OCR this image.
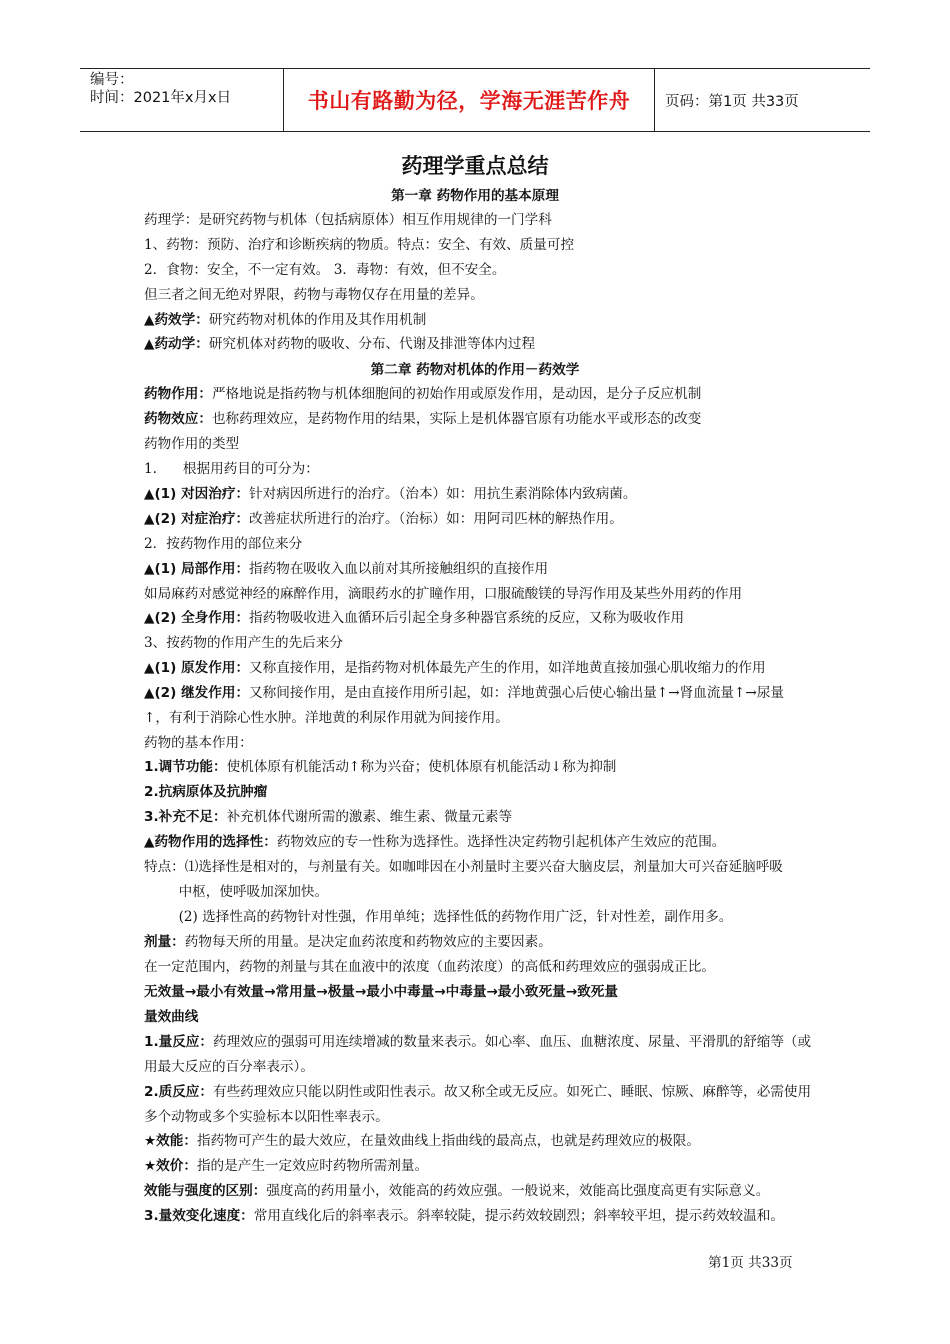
编号：
时间：2021年x月x日	书山有路勤为径，学海无涯苦作舟	页码：第1页 共33页
药理学重点总结
第一章 药物作用的基本原理
第二章 药物对机体的作用－药效学
药理学：是研究药物与机体（包括病原体）相互作用规律的一门学科
1、药物：预防、治疗和诊断疾病的物质。特点：安全、有效、质量可控
2．食物：安全，不一定有效。 3．毒物：有效，但不安全。
但三者之间无绝对界限，药物与毒物仅存在用量的差异。
▲药效学：研究药物对机体的作用及其作用机制
▲药动学：研究机体对药物的吸收、分布、代谢及排泄等体内过程
药物作用：严格地说是指药物与机体细胞间的初始作用或原发作用，是动因，是分子反应机制
药物效应：也称药理效应，是药物作用的结果，实际上是机体器官原有功能水平或形态的改变
药物作用的类型
1.      根据用药目的可分为：
▲(1) 对因治疗：针对病因所进行的治疗。（治本）如：用抗生素消除体内致病菌。
▲(2) 对症治疗：改善症状所进行的治疗。（治标）如：用阿司匹林的解热作用。
2．按药物作用的部位来分
▲(1) 局部作用：指药物在吸收入血以前对其所接触组织的直接作用
如局麻药对感觉神经的麻醉作用，滴眼药水的扩瞳作用，口服硫酸镁的导泻作用及某些外用药的作用
▲(2) 全身作用：指药物吸收进入血循环后引起全身多种器官系统的反应，又称为吸收作用
3、按药物的作用产生的先后来分
▲(1) 原发作用：又称直接作用，是指药物对机体最先产生的作用，如洋地黄直接加强心肌收缩力的作用
▲(2) 继发作用：又称间接作用，是由直接作用所引起，如：洋地黄强心后使心输出量↑→肾血流量↑→尿量
↑，有利于消除心性水肿。洋地黄的利尿作用就为间接作用。
药物的基本作用：
1.调节功能：使机体原有机能活动↑称为兴奋；使机体原有机能活动↓称为抑制
2.抗病原体及抗肿瘤
3.补充不足：补充机体代谢所需的激素、维生素、微量元素等
▲药物作用的选择性：药物效应的专一性称为选择性。选择性决定药物引起机体产生效应的范围。
特点：⑴选择性是相对的，与剂量有关。如咖啡因在小剂量时主要兴奋大脑皮层，剂量加大可兴奋延脑呼吸
中枢，使呼吸加深加快。
(2) 选择性高的药物针对性强，作用单纯；选择性低的药物作用广泛，针对性差，副作用多。
剂量：药物每天所的用量。是决定血药浓度和药物效应的主要因素。
在一定范围内，药物的剂量与其在血液中的浓度（血药浓度）的高低和药理效应的强弱成正比。
无效量→最小有效量→常用量→极量→最小中毒量→中毒量→最小致死量→致死量
量效曲线
1.量反应：药理效应的强弱可用连续增减的数量来表示。如心率、血压、血糖浓度、尿量、平滑肌的舒缩等（或
用最大反应的百分率表示）。
2.质反应：有些药理效应只能以阴性或阳性表示。故又称全或无反应。如死亡、睡眠、惊厥、麻醉等，必需使用
多个动物或多个实验标本以阳性率表示。
★效能：指药物可产生的最大效应，在量效曲线上指曲线的最高点，也就是药理效应的极限。
★效价：指的是产生一定效应时药物所需剂量。
效能与强度的区别：强度高的药用量小，效能高的药效应强。一般说来，效能高比强度高更有实际意义。
3.量效变化速度：常用直线化后的斜率表示。斜率较陡，提示药效较剧烈；斜率较平坦，提示药效较温和。
第1页 共33页
